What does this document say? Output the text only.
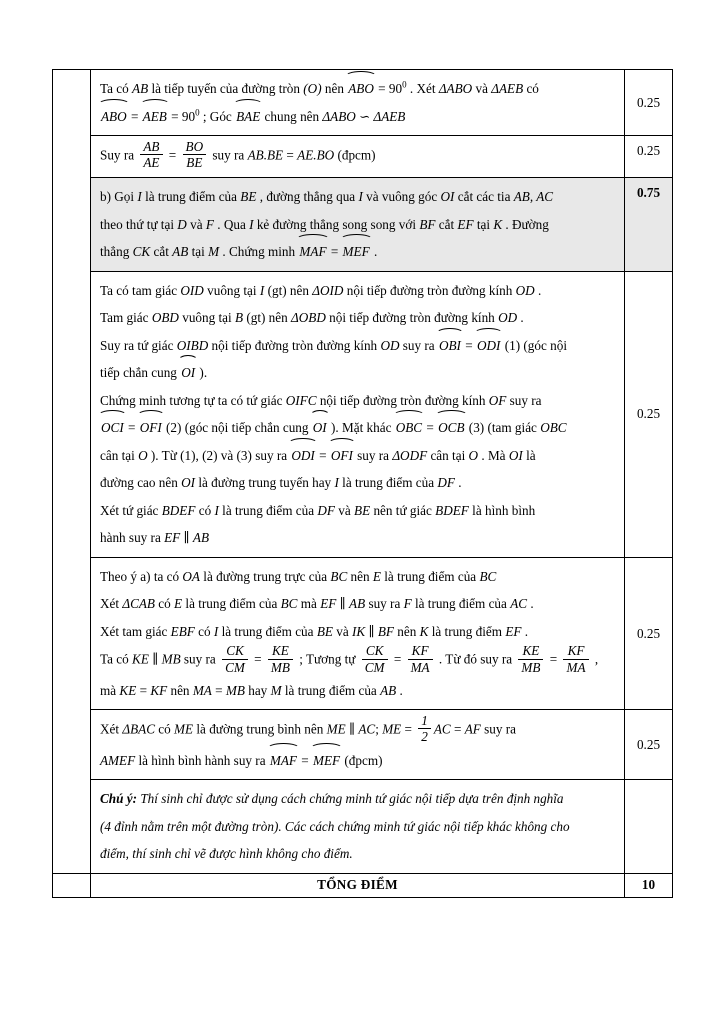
TỔNG ĐIỂM	10
Ta có AB là tiếp tuyến của đường tròn (O) nên ABO = $90^0$ . Xét ΔABO và ΔAEB có
ABO = AEB = $90^0$ ; Góc BAE chung nên ΔABO ∽ ΔAEB
0.25
Suy ra $\frac{AB}{AE} = \frac{BO}{BE}$ suy ra AB.BE = AE.BO (đpcm)	0.25
b) Gọi I là trung điểm của BE , đường thẳng qua I và vuông góc OI cắt các tia AB, AC
theo thứ tự tại D và F . Qua I kẻ đường thẳng song song với BF cắt EF tại K . Đường
thẳng CK cắt AB tại M . Chứng minh MAF = MEF .
0.75
Ta có tam giác OID vuông tại I (gt) nên ΔOID nội tiếp đường tròn đường kính OD .
Tam giác OBD vuông tại B (gt) nên ΔOBD nội tiếp đường tròn đường kính OD .
Suy ra tứ giác OIBD nội tiếp đường tròn đường kính OD suy ra OBI = ODI (1) (góc nội
tiếp chắn cung OI ).
Chứng minh tương tự ta có tứ giác OIFC nội tiếp đường tròn đường kính OF suy ra
OCI = OFI (2) (góc nội tiếp chắn cung OI ). Mặt khác OBC = OCB (3) (tam giác OBC
cân tại O ). Từ (1), (2) và (3) suy ra ODI = OFI suy ra ΔODF cân tại O . Mà OI là
đường cao nên OI là đường trung tuyến hay I là trung điểm của DF .
Xét tứ giác BDEF có I là trung điểm của DF và BE nên tứ giác BDEF là hình bình
hành suy ra EF ∥ AB
0.25
Theo ý a) ta có OA là đường trung trực của BC nên E là trung điểm của BC
Xét ΔCAB có E là trung điểm của BC mà EF ∥ AB suy ra F là trung điểm của AC .
Xét tam giác EBF có I là trung điểm của BE và IK ∥ BF nên K là trung điểm EF .
Ta có KE ∥ MB suy ra $\frac{CK}{CM} = \frac{KE}{MB}$ ; Tương tự $\frac{CK}{CM} = \frac{KF}{MA}$ . Từ đó suy ra $\frac{KE}{MB} = \frac{KF}{MA}$ ,
mà KE = KF nên MA = MB hay M là trung điểm của AB .
0.25
Xét ΔBAC có ME là đường trung bình nên ME ∥ AC; ME = $\frac{1}{2}$ AC = AF suy ra
AMEF là hình bình hành suy ra MAF = MEF (đpcm)
0.25
Chú ý: Thí sinh chỉ được sử dụng cách chứng minh tứ giác nội tiếp dựa trên định nghĩa
(4 đỉnh nằm trên một đường tròn). Các cách chứng minh tứ giác nội tiếp khác không cho
điểm, thí sinh chỉ vẽ được hình không cho điểm.
